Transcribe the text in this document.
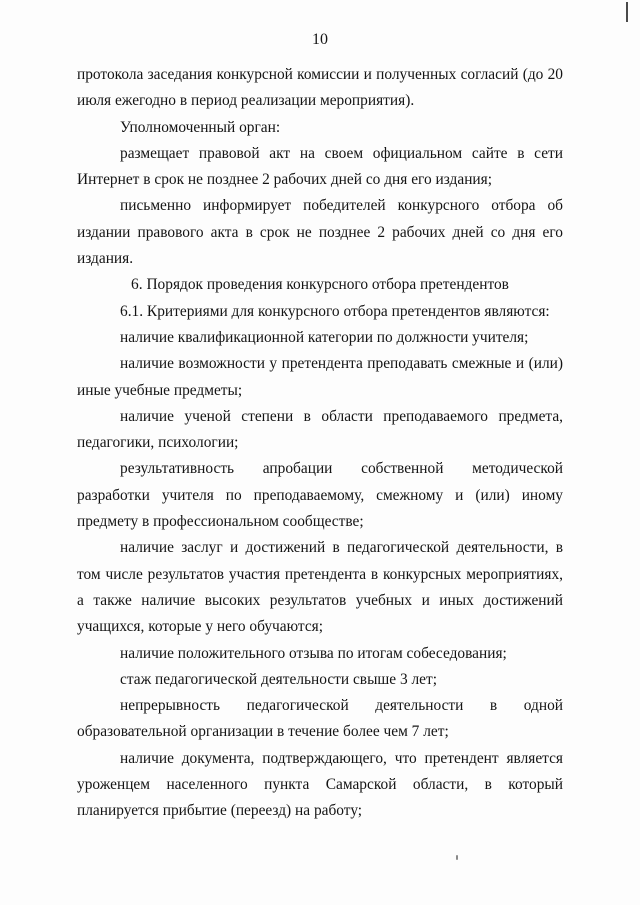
10

протокола заседания конкурсной комиссии и полученных согласий (до 20 июля ежегодно в период реализации мероприятия).

Уполномоченный орган:

размещает правовой акт на своем официальном сайте в сети Интернет в срок не позднее 2 рабочих дней со дня его издания;

письменно информирует победителей конкурсного отбора об издании правового акта в срок не позднее 2 рабочих дней со дня его издания.

6. Порядок проведения конкурсного отбора претендентов

6.1. Критериями для конкурсного отбора претендентов являются:

наличие квалификационной категории по должности учителя;

наличие возможности у претендента преподавать смежные и (или) иные учебные предметы;

наличие ученой степени в области преподаваемого предмета, педагогики, психологии;

результативность апробации собственной методической разработки учителя по преподаваемому, смежному и (или) иному предмету в профессиональном сообществе;

наличие заслуг и достижений в педагогической деятельности, в том числе результатов участия претендента в конкурсных мероприятиях, а также наличие высоких результатов учебных и иных достижений учащихся, которые у него обучаются;

наличие положительного отзыва по итогам собеседования;

стаж педагогической деятельности свыше 3 лет;

непрерывность педагогической деятельности в одной образовательной организации в течение более чем 7 лет;

наличие документа, подтверждающего, что претендент является уроженцем населенного пункта Самарской области, в который планируется прибытие (переезд) на работу;
